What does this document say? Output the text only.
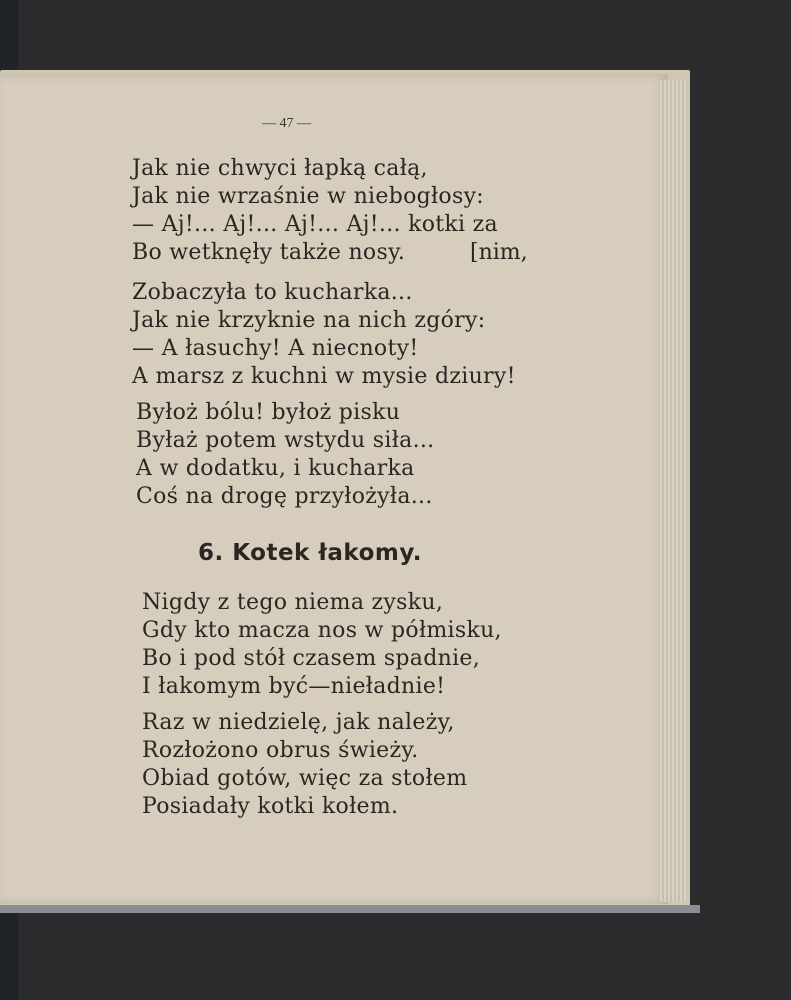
— 47 —
Jak nie chwyci łapką całą,
Jak nie wrzaśnie w niebogłosy:
— Aj!... Aj!... Aj!... Aj!... kotki za
Bo wetknęły także nosy.	[nim,
Zobaczyła to kucharka...
Jak nie krzyknie na nich zgóry:
— A łasuchy! A niecnoty!
A marsz z kuchni w mysie dziury!
Byłoż bólu! byłoż pisku
Byłaż potem wstydu siła...
A w dodatku, i kucharka
Coś na drogę przyłożyła...
6. Kotek łakomy.
Nigdy z tego niema zysku,
Gdy kto macza nos w półmisku,
Bo i pod stół czasem spadnie,
I łakomym być—nieładnie!
Raz w niedzielę, jak należy,
Rozłożono obrus świeży.
Obiad gotów, więc za stołem
Posiadały kotki kołem.
